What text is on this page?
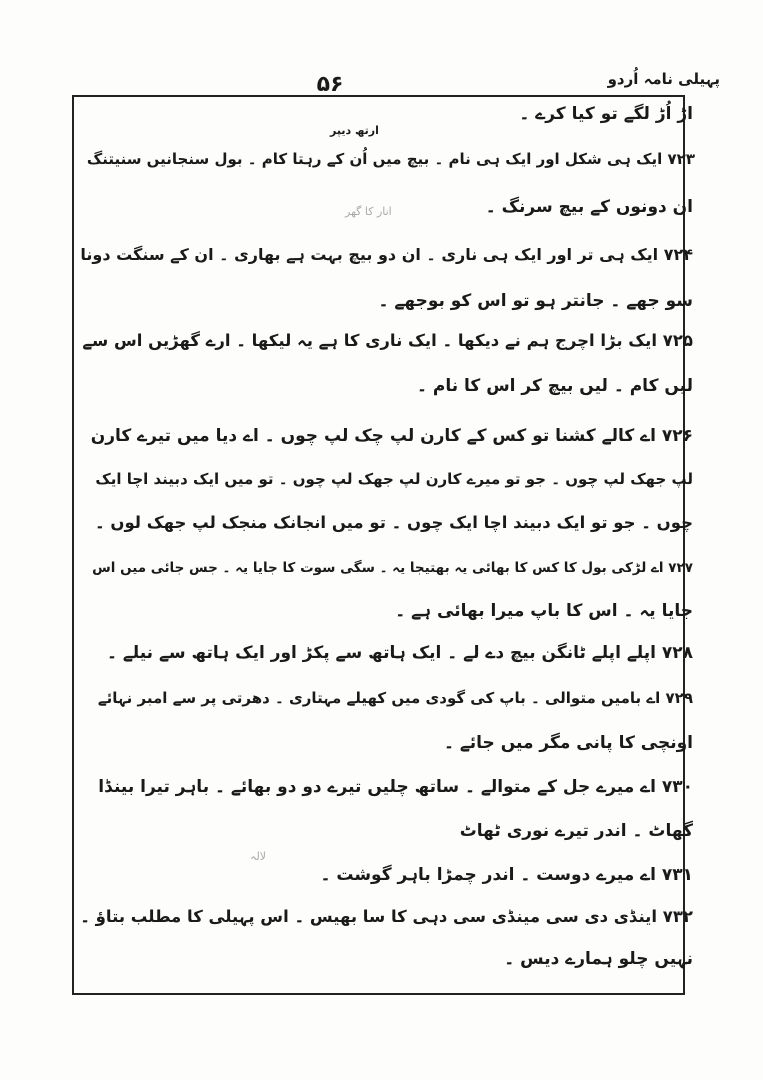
پہیلی نامہ اُردو
۵۶
ارتھ دیپر
اڑ اُڑ لگے تو کیا کرے ۔
۷۲۳ ایک ہی شکل اور ایک ہی نام ۔ بیچ میں اُن کے رہتا کام ۔ بول سنجانیں سنیتنگ
ان دونوں کے بیچ سرنگ ۔
۷۲۴ ایک ہی تر اور ایک ہی ناری ۔ ان دو بیچ بہت ہے بھاری ۔ ان کے سنگت دونا
سو جھے ۔ جانتر ہو تو اس کو بوجھے ۔
۷۲۵ ایک بڑا اچرج ہم نے دیکھا ۔ ایک ناری کا ہے یہ لیکھا ۔ ارے گھڑیں اس سے
لیں کام ۔ لیں بیچ کر اس کا نام ۔
۷۲۶ اے کالے کشنا تو کس کے کارن لپ چک لپ چوں ۔ اے دیا میں تیرے کارن
لپ جھک لپ چوں ۔ جو تو میرے کارن لپ جھک لپ چوں ۔ تو میں ایک دبیند اچا ایک
چوں ۔ جو تو ایک دبیند اچا ایک چوں ۔ تو میں انجانک منجک لپ جھک لوں ۔
۷۲۷ اے لڑکی بول کا کس کا بھائی یہ بھتیجا یہ ۔ سگی سوت کا جایا یہ ۔ جس جائی میں اس
جایا یہ ۔ اس کا باپ میرا بھائی ہے ۔
۷۲۸ اپلے اپلے ٹانگن بیچ دے لے ۔ ایک ہاتھ سے پکڑ اور ایک ہاتھ سے نیلے ۔
۷۲۹ اے بامیں متوالی ۔ باپ کی گودی میں کھیلے مہتاری ۔ دھرتی پر سے امبر نہائے
اونچی کا پانی مگر میں جائے ۔
۷۳۰ اے میرے جل کے متوالے ۔ ساتھ چلیں تیرے دو دو بھائے ۔ باہر تیرا بینڈا
گھاٹ ۔ اندر تیرے نوری ٹھاٹ
۷۳۱ اے میرے دوست ۔ اندر چمڑا باہر گوشت ۔
۷۳۲ اینڈی دی سی مینڈی سی دہی کا سا بھیس ۔ اس پہیلی کا مطلب بتاؤ ۔
نہیں چلو ہمارے دیس ۔
انار کا گھر
لالہ
